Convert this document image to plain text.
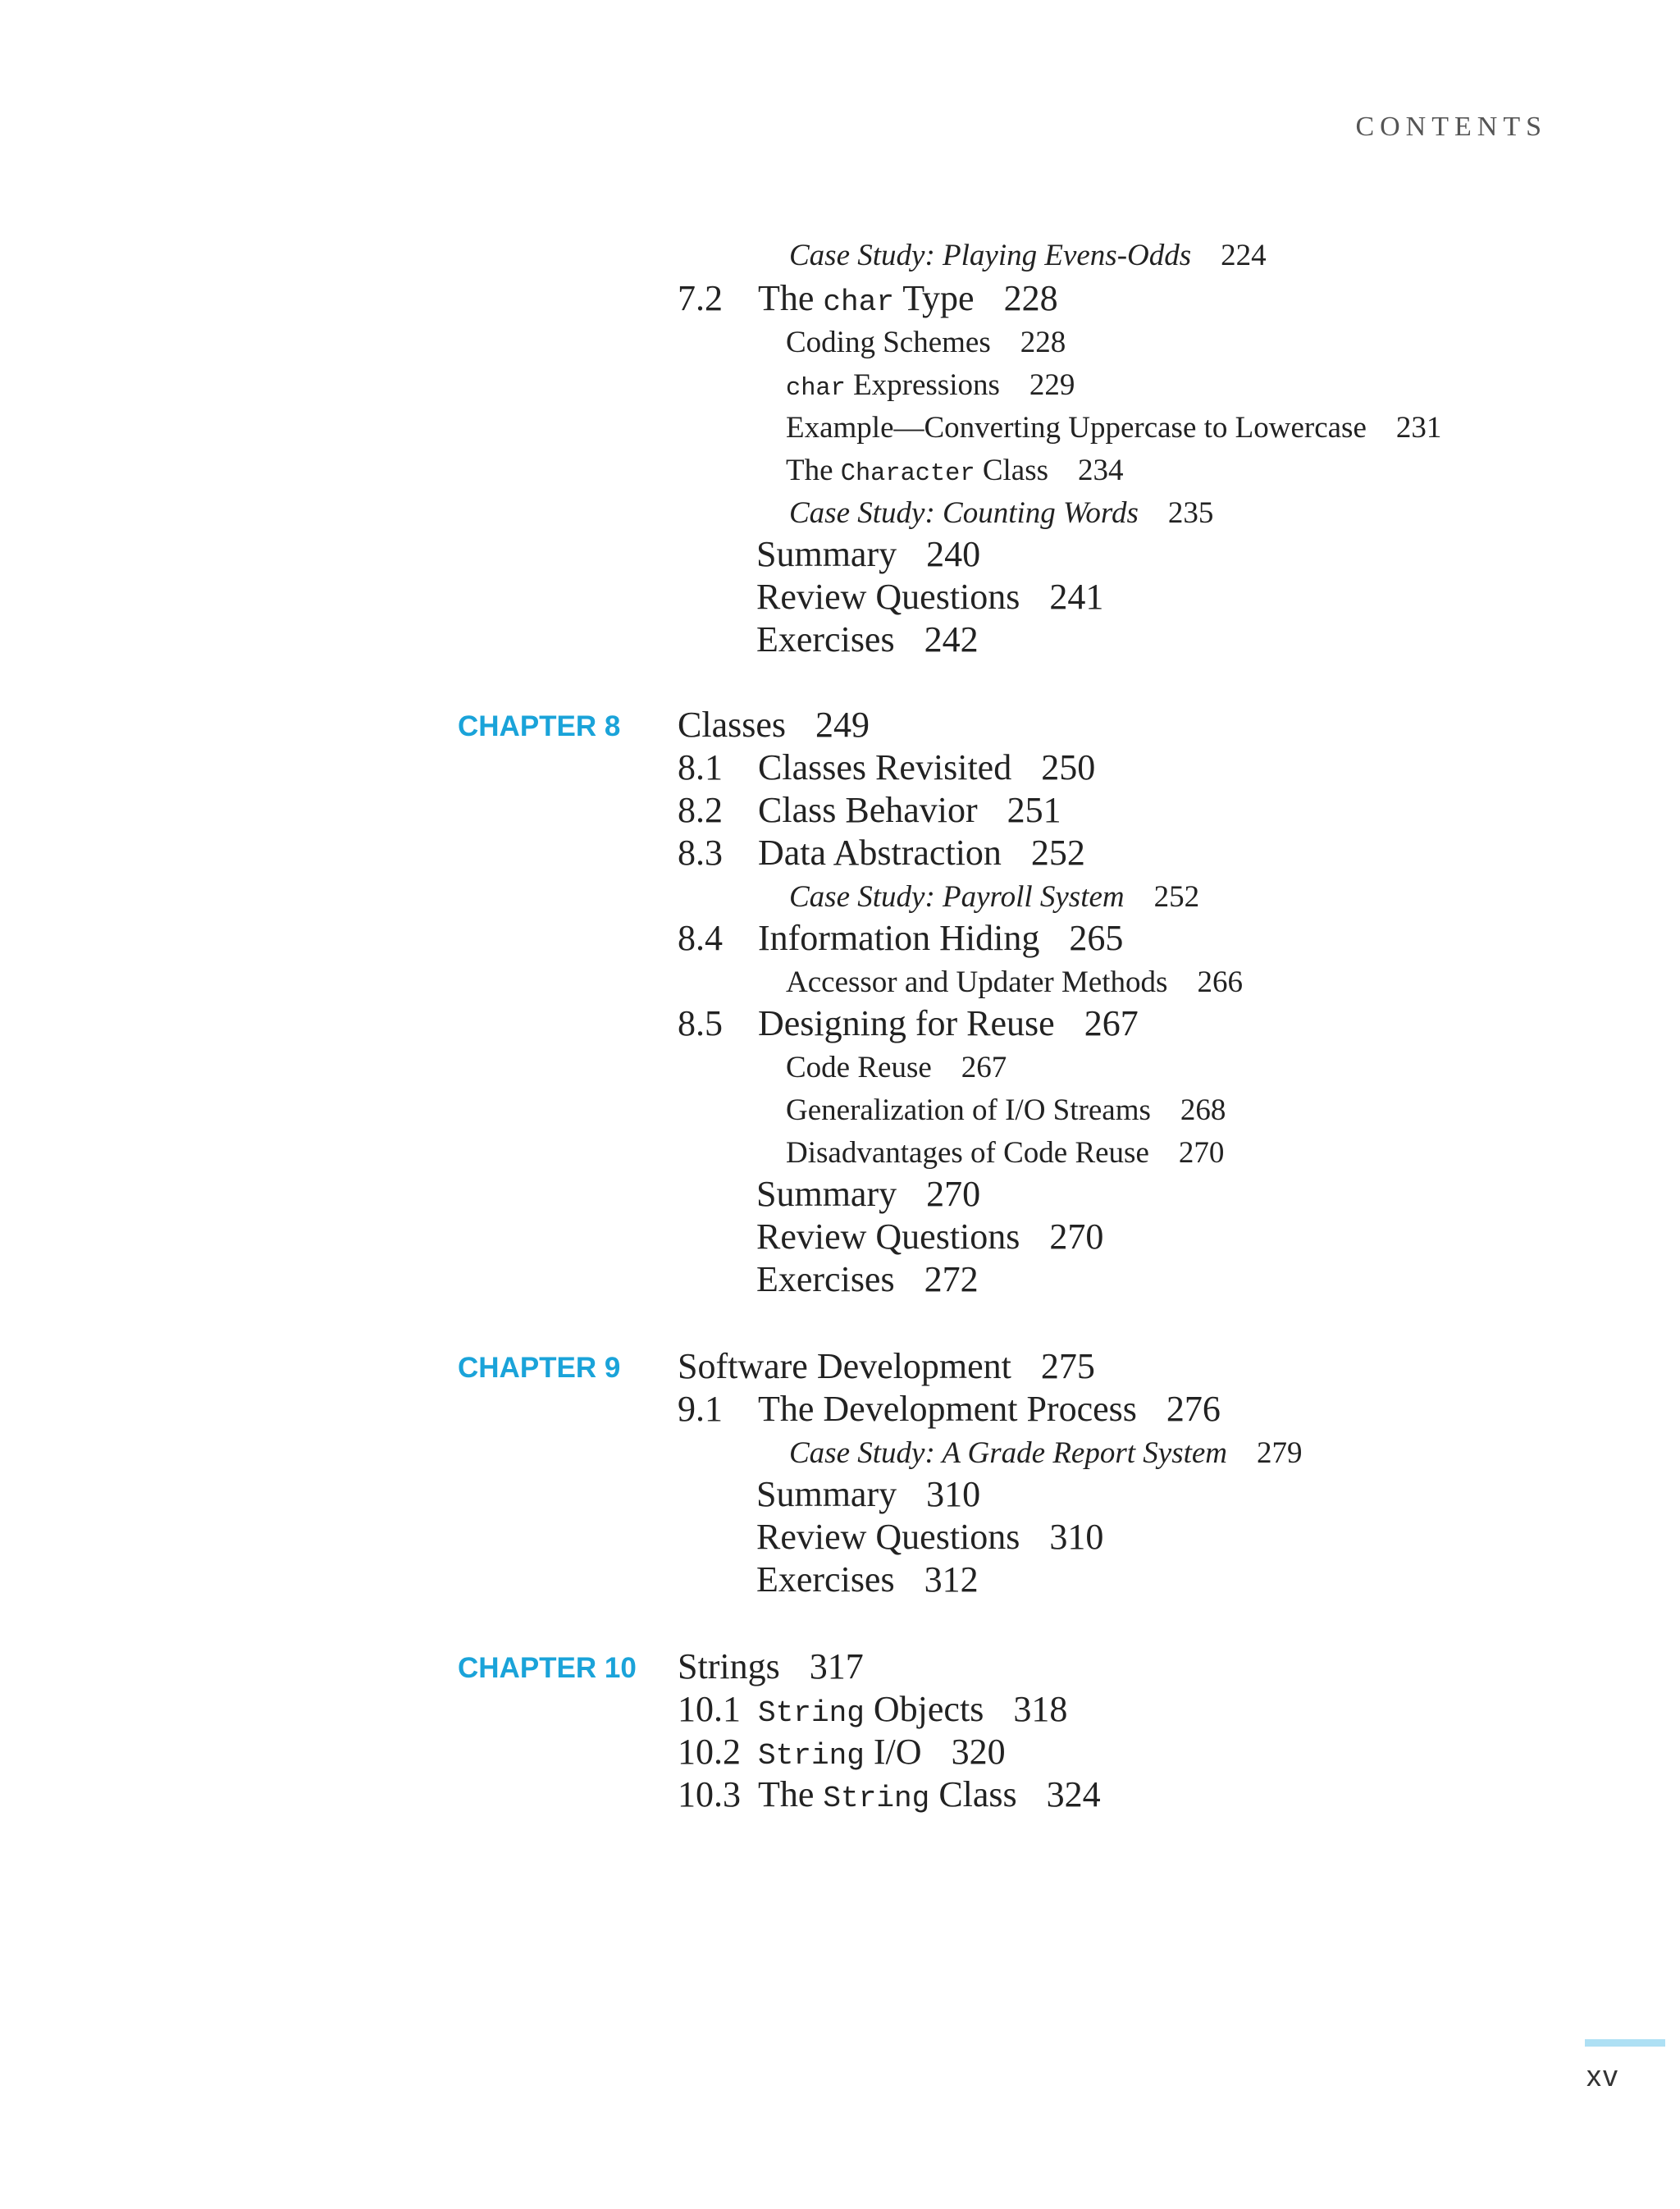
CONTENTS
Case Study: Playing Evens-Odds 224
7.2 The char Type 228
Coding Schemes 228
char Expressions 229
Example—Converting Uppercase to Lowercase 231
The Character Class 234
Case Study: Counting Words 235
Summary 240
Review Questions 241
Exercises 242
CHAPTER 8 Classes 249
8.1 Classes Revisited 250
8.2 Class Behavior 251
8.3 Data Abstraction 252
Case Study: Payroll System 252
8.4 Information Hiding 265
Accessor and Updater Methods 266
8.5 Designing for Reuse 267
Code Reuse 267
Generalization of I/O Streams 268
Disadvantages of Code Reuse 270
Summary 270
Review Questions 270
Exercises 272
CHAPTER 9 Software Development 275
9.1 The Development Process 276
Case Study: A Grade Report System 279
Summary 310
Review Questions 310
Exercises 312
CHAPTER 10 Strings 317
10.1 String Objects 318
10.2 String I/O 320
10.3 The String Class 324
xv
